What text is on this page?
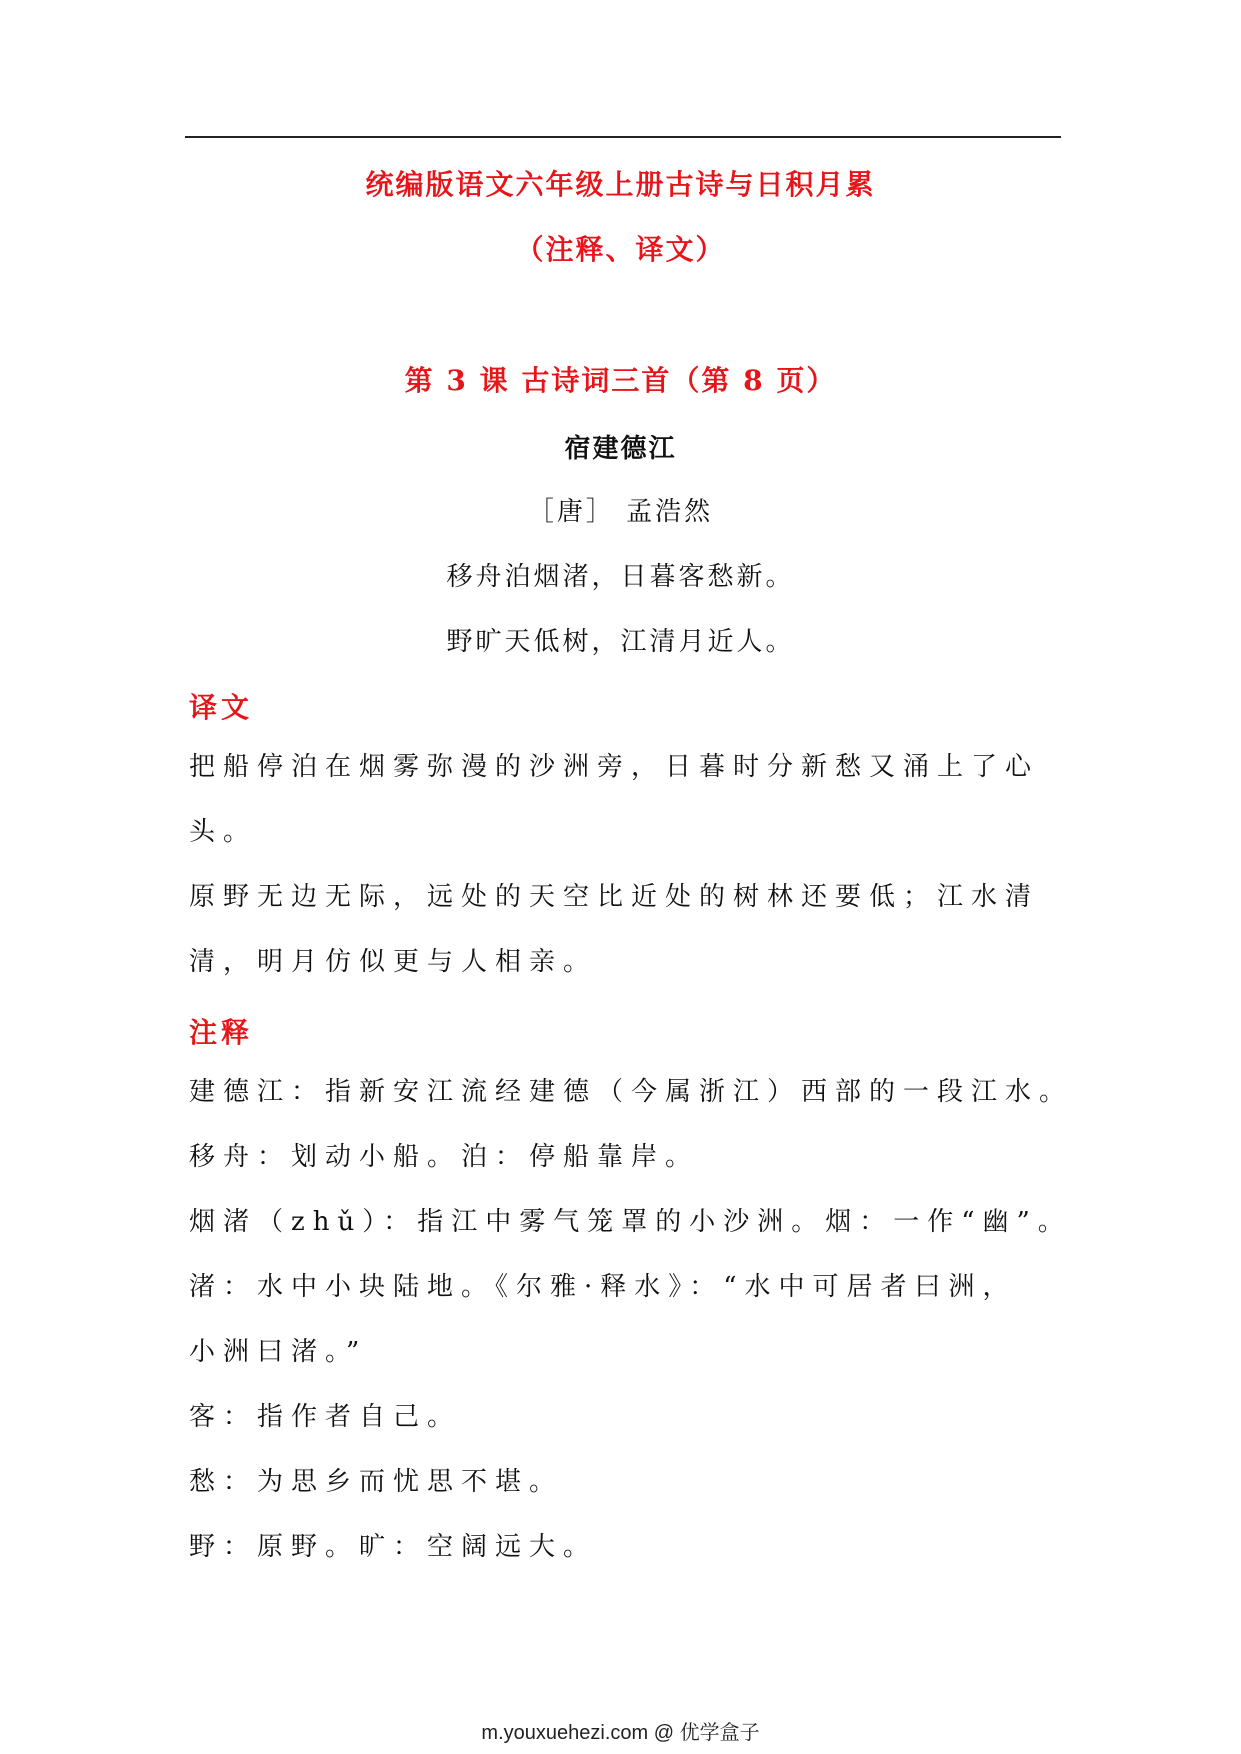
统编版语文六年级上册古诗与日积月累
（注释、译文）
第 3 课 古诗词三首（第 8 页）
宿建德江
［唐］ 孟浩然
移舟泊烟渚，日暮客愁新。
野旷天低树，江清月近人。
译文
把船停泊在烟雾弥漫的沙洲旁，日暮时分新愁又涌上了心头。
原野无边无际，远处的天空比近处的树林还要低；江水清清，明月仿似更与人相亲。
注释
建德江：指新安江流经建德（今属浙江）西部的一段江水。
移舟：划动小船。泊：停船靠岸。
烟渚（zhǔ）：指江中雾气笼罩的小沙洲。烟：一作“幽”。
渚：水中小块陆地。《尔雅·释水》：“水中可居者曰洲，
小洲曰渚。”
客：指作者自己。
愁：为思乡而忧思不堪。
野：原野。旷：空阔远大。
m.youxuehezi.com @ 优学盒子
